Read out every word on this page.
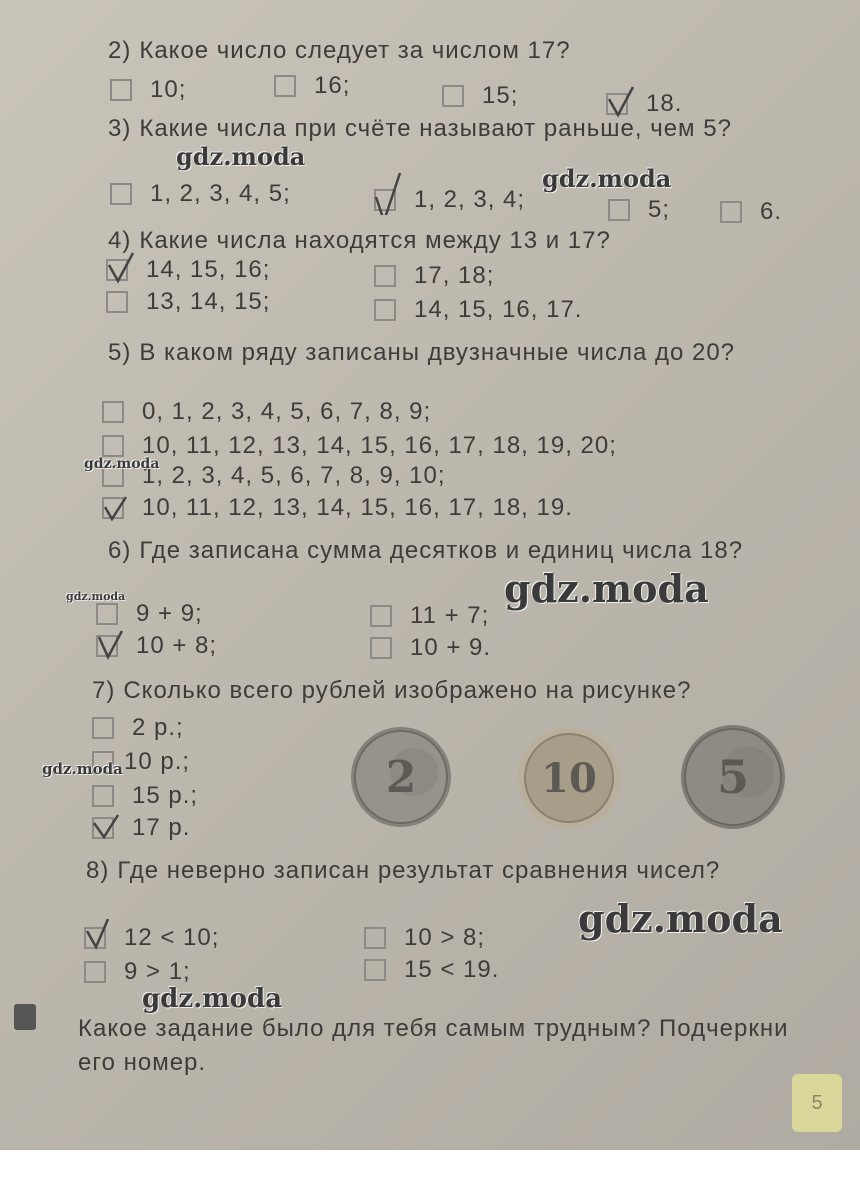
2) Какое число следует за числом 17?
10;	16;	15;	18.
3) Какие числа при счёте называют раньше, чем 5?
1, 2, 3, 4, 5;	1, 2, 3, 4;	5;	6.
4) Какие числа находятся между 13 и 17?
14, 15, 16;	17, 18;
13, 14, 15;	14, 15, 16, 17.
5) В каком ряду записаны двузначные числа до 20?
0, 1, 2, 3, 4, 5, 6, 7, 8, 9;
10, 11, 12, 13, 14, 15, 16, 17, 18, 19, 20;
1, 2, 3, 4, 5, 6, 7, 8, 9, 10;
10, 11, 12, 13, 14, 15, 16, 17, 18, 19.
6) Где записана сумма десятков и единиц числа 18?
9 + 9;	11 + 7;
10 + 8;	10 + 9.
7) Сколько всего рублей изображено на рисунке?
2 р.;
10 р.;
15 р.;
17 р.
2	10	5
8) Где неверно записан результат сравнения чисел?
12 < 10;	10 > 8;
9 > 1;	15 < 19.
Какое задание было для тебя самым трудным? Подчеркни его номер.
5
gdz.moda
gdz.moda
gdz.moda
gdz.moda	gdz.moda
gdz.moda
gdz.moda
gdz.moda
